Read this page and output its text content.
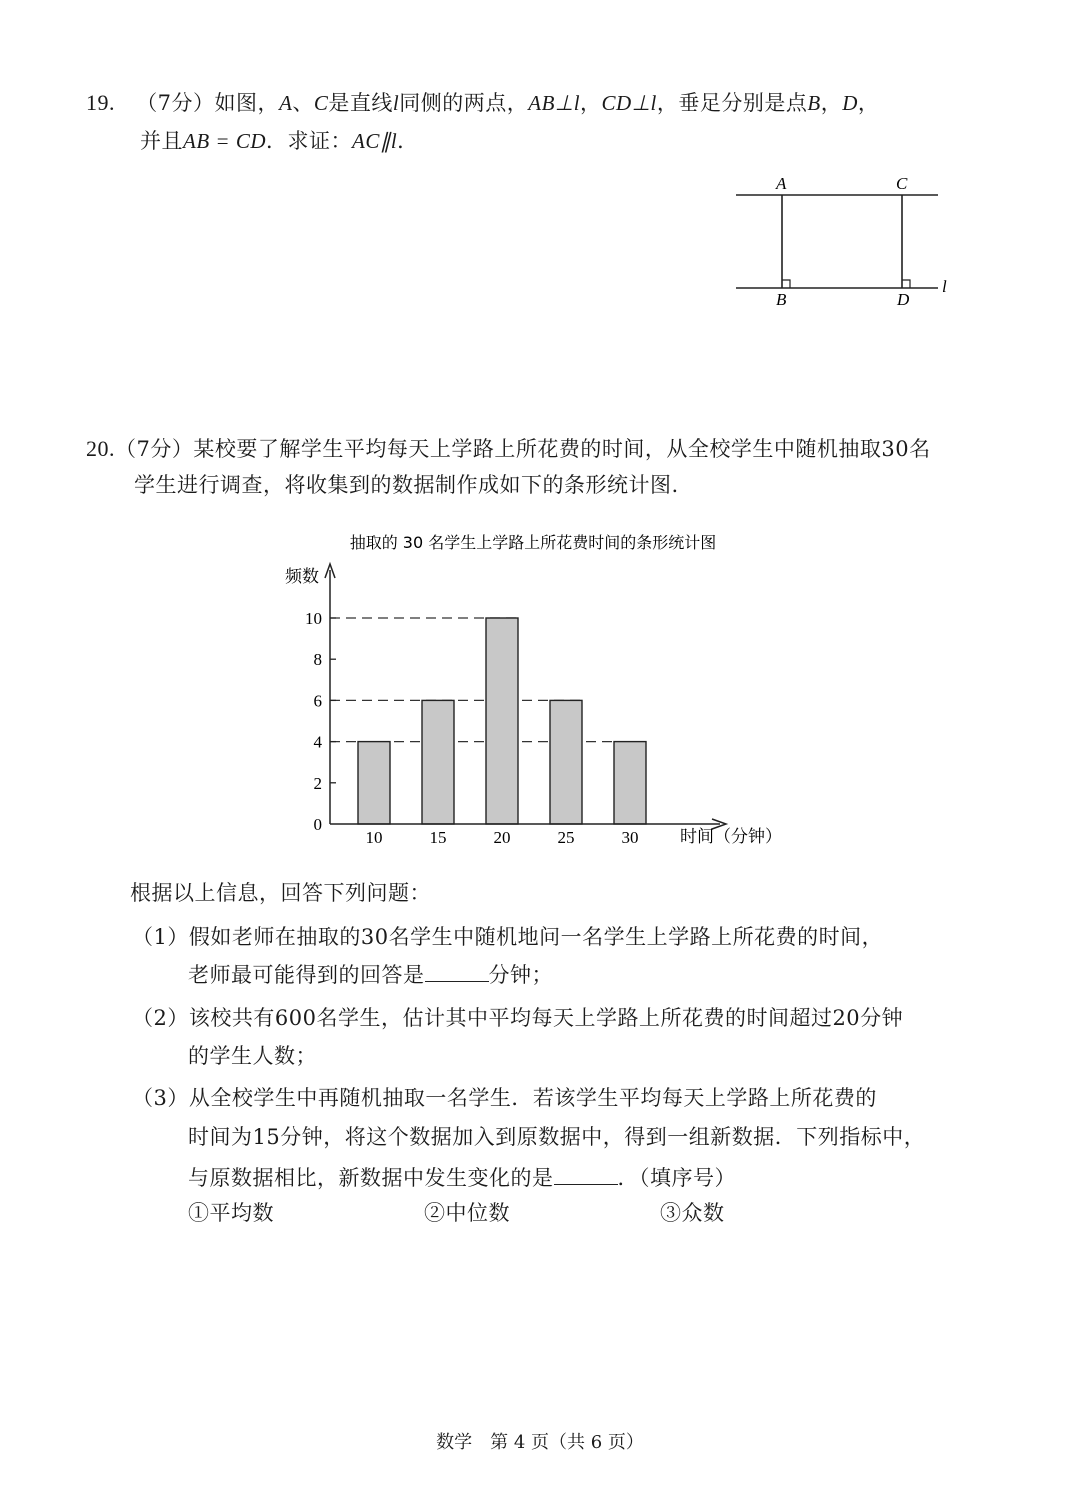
19. （7分）如图，A、C是直线l同侧的两点，AB⊥l，CD⊥l，垂足分别是点B，D，
并且AB = CD．求证：AC∥l．
A	C
B	D
l
20.（7分）某校要了解学生平均每天上学路上所花费的时间，从全校学生中随机抽取30名
学生进行调查，将收集到的数据制作成如下的条形统计图.
抽取的 30 名学生上学路上所花费时间的条形统计图
频数
0
2
4
6
8
10
10	15	20	25	30 时间（分钟）
根据以上信息，回答下列问题：
（1）假如老师在抽取的30名学生中随机地问一名学生上学路上所花费的时间，
老师最可能得到的回答是	分钟；
（2）该校共有600名学生，估计其中平均每天上学路上所花费的时间超过20分钟
的学生人数；
（3）从全校学生中再随机抽取一名学生．若该学生平均每天上学路上所花费的
时间为15分钟，将这个数据加入到原数据中，得到一组新数据．下列指标中，
与原数据相比，新数据中发生变化的是	．（填序号）
①平均数	②中位数	③众数
数学　第 4 页（共 6 页）
